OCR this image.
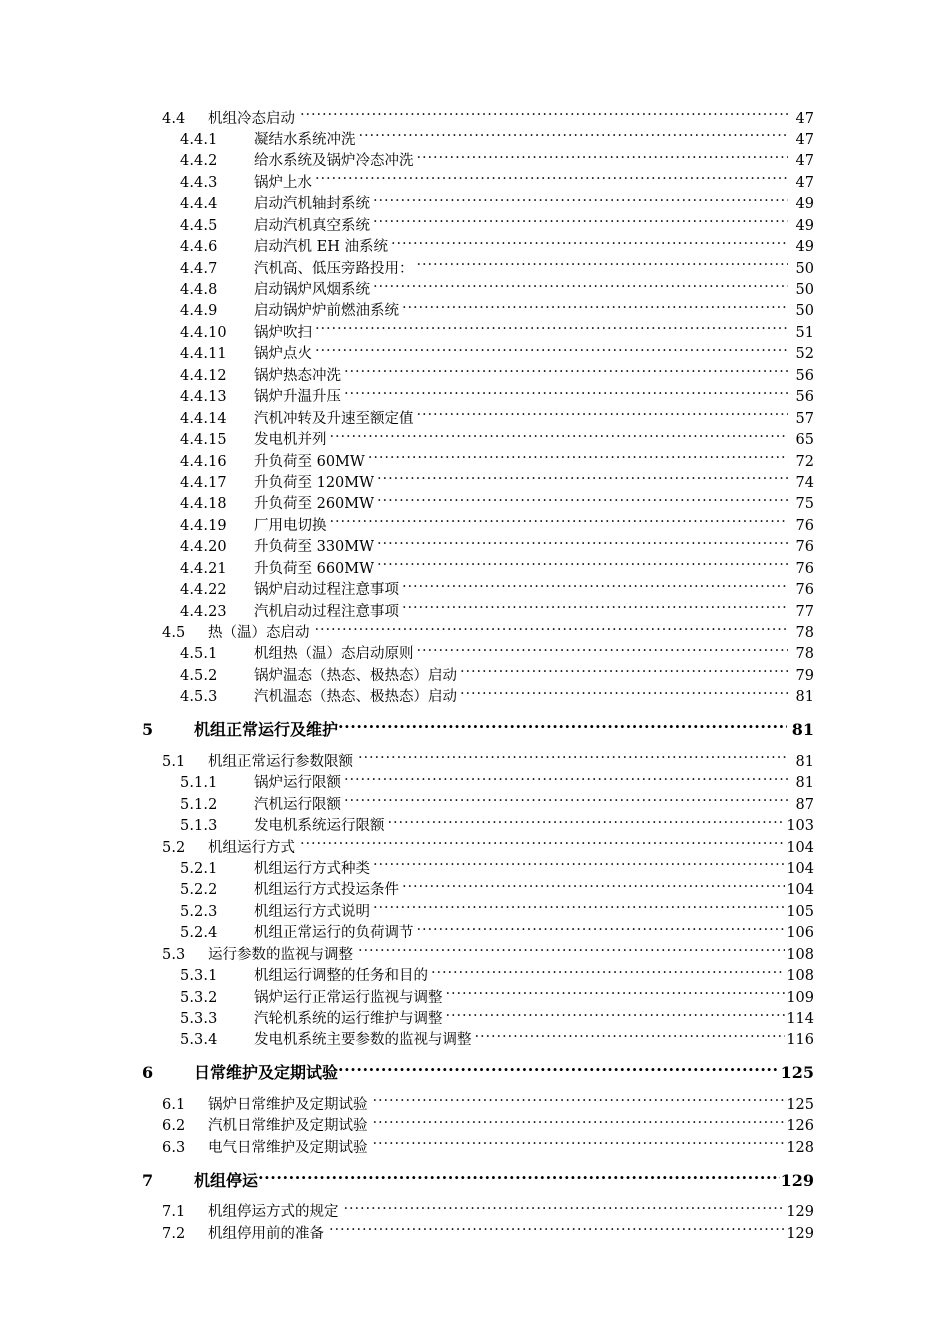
4.4	机组冷态启动 .....	47
4.4.1	凝结水系统冲洗 .....	47
4.4.2	给水系统及锅炉冷态冲洗 .....	47
4.4.3	锅炉上水 .....	47
4.4.4	启动汽机轴封系统 .....	49
4.4.5	启动汽机真空系统 .....	49
4.4.6	启动汽机 EH 油系统 .....	49
4.4.7	汽机高、低压旁路投用： .....	50
4.4.8	启动锅炉风烟系统 .....	50
4.4.9	启动锅炉炉前燃油系统 .....	50
4.4.10	锅炉吹扫 .....	51
4.4.11	锅炉点火 .....	52
4.4.12	锅炉热态冲洗 .....	56
4.4.13	锅炉升温升压 .....	56
4.4.14	汽机冲转及升速至额定值 .....	57
4.4.15	发电机并列 .....	65
4.4.16	升负荷至 60MW .....	72
4.4.17	升负荷至 120MW .....	74
4.4.18	升负荷至 260MW .....	75
4.4.19	厂用电切换 .....	76
4.4.20	升负荷至 330MW .....	76
4.4.21	升负荷至 660MW .....	76
4.4.22	锅炉启动过程注意事项 .....	76
4.4.23	汽机启动过程注意事项 .....	77
4.5	热（温）态启动 .....	78
4.5.1	机组热（温）态启动原则 .....	78
4.5.2	锅炉温态（热态、极热态）启动 .....	79
4.5.3	汽机温态（热态、极热态）启动 .....	81
5	机组正常运行及维护 .....	81
5.1	机组正常运行参数限额 .....	81
5.1.1	锅炉运行限额 .....	81
5.1.2	汽机运行限额 .....	87
5.1.3	发电机系统运行限额 .....	103
5.2	机组运行方式 .....	104
5.2.1	机组运行方式种类 .....	104
5.2.2	机组运行方式投运条件 .....	104
5.2.3	机组运行方式说明 .....	105
5.2.4	机组正常运行的负荷调节 .....	106
5.3	运行参数的监视与调整 .....	108
5.3.1	机组运行调整的任务和目的 .....	108
5.3.2	锅炉运行正常运行监视与调整 .....	109
5.3.3	汽轮机系统的运行维护与调整 .....	114
5.3.4	发电机系统主要参数的监视与调整 .....	116
6	日常维护及定期试验 .....	125
6.1	锅炉日常维护及定期试验 .....	125
6.2	汽机日常维护及定期试验 .....	126
6.3	电气日常维护及定期试验 .....	128
7	机组停运 .....	129
7.1	机组停运方式的规定 .....	129
7.2	机组停用前的准备 .....	129
